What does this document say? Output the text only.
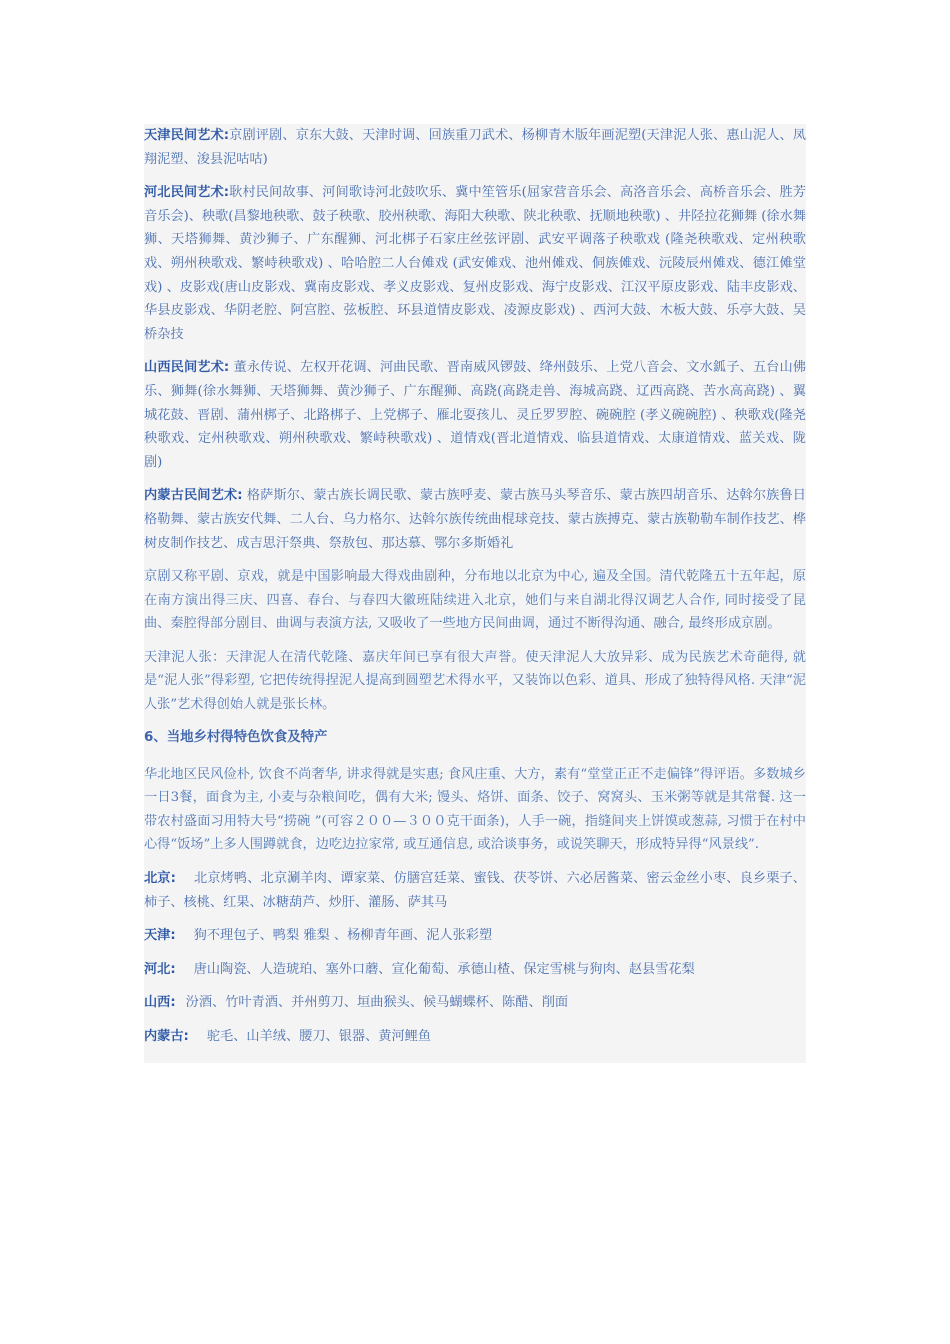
天津民间艺术:京剧评剧、京东大鼓、天津时调、回族重刀武术、杨柳青木版年画泥塑(天津泥人张、惠山泥人、凤翔泥塑、浚县泥咕咕)

河北民间艺术:耿村民间故事、河间歌诗河北鼓吹乐、冀中笙管乐(屈家营音乐会、高洛音乐会、高桥音乐会、胜芳音乐会)、秧歌(昌黎地秧歌、鼓子秧歌、胶州秧歌、海阳大秧歌、陕北秧歌、抚顺地秧歌) 、井陉拉花狮舞 (徐水舞狮、天塔狮舞、黄沙狮子、广东醒狮、河北梆子石家庄丝弦评剧、武安平调落子秧歌戏 (隆尧秧歌戏、定州秧歌戏、朔州秧歌戏、繁峙秧歌戏) 、哈哈腔二人台傩戏 (武安傩戏、池州傩戏、侗族傩戏、沅陵辰州傩戏、德江傩堂戏) 、皮影戏(唐山皮影戏、冀南皮影戏、孝义皮影戏、复州皮影戏、海宁皮影戏、江汉平原皮影戏、陆丰皮影戏、华县皮影戏、华阴老腔、阿宫腔、弦板腔、环县道情皮影戏、凌源皮影戏) 、西河大鼓、木板大鼓、乐亭大鼓、吴桥杂技

山西民间艺术: 董永传说、左权开花调、河曲民歌、晋南威风锣鼓、绛州鼓乐、上党八音会、文水鈲子、五台山佛乐、狮舞(徐水舞狮、天塔狮舞、黄沙狮子、广东醒狮、高跷(高跷走兽、海城高跷、辽西高跷、苦水高高跷) 、翼城花鼓、晋剧、蒲州梆子、北路梆子、上党梆子、雁北耍孩儿、灵丘罗罗腔、碗碗腔 (孝义碗碗腔) 、秧歌戏(隆尧秧歌戏、定州秧歌戏、朔州秧歌戏、繁峙秧歌戏) 、道情戏(晋北道情戏、临县道情戏、太康道情戏、蓝关戏、陇剧)

内蒙古民间艺术: 格萨斯尔、蒙古族长调民歌、蒙古族呼麦、蒙古族马头琴音乐、蒙古族四胡音乐、达斡尔族鲁日格勒舞、蒙古族安代舞、二人台、乌力格尔、达斡尔族传统曲棍球竞技、蒙古族搏克、蒙古族勒勒车制作技艺、桦树皮制作技艺、成吉思汗祭典、祭敖包、那达慕、鄂尔多斯婚礼

京剧又称平剧、京戏，就是中国影响最大得戏曲剧种，分布地以北京为中心, 遍及全国。清代乾隆五十五年起，原在南方演出得三庆、四喜、春台、与春四大徽班陆续进入北京，她们与来自湖北得汉调艺人合作, 同时接受了昆曲、秦腔得部分剧目、曲调与表演方法, 又吸收了一些地方民间曲调，通过不断得沟通、融合, 最终形成京剧。

天津泥人张：天津泥人在清代乾隆、嘉庆年间已享有很大声誉。使天津泥人大放异彩、成为民族艺术奇葩得, 就是“泥人张”得彩塑, 它把传统得捏泥人提高到圆塑艺术得水平，又装饰以色彩、道具、形成了独特得风格. 天津“泥人张”艺术得创始人就是张长林。

6、当地乡村得特色饮食及特产

华北地区民风俭朴, 饮食不尚奢华, 讲求得就是实惠; 食风庄重、大方，素有“堂堂正正不走偏锋”得评语。多数城乡一日3餐，面食为主, 小麦与杂粮间吃，偶有大米; 馒头、烙饼、面条、饺子、窝窝头、玉米粥等就是其常餐. 这一带农村盛面习用特大号“捞碗 ”(可容２００—３００克干面条)，人手一碗，指缝间夹上饼馍或葱蒜, 习惯于在村中心得“饭场”上多人围蹲就食，边吃边拉家常, 或互通信息, 或洽谈事务，或说笑聊天，形成特异得“风景线”.

北京: 北京烤鸭、北京涮羊肉、谭家菜、仿膳宫廷菜、蜜钱、茯苓饼、六必居酱菜、密云金丝小枣、良乡栗子、柿子、核桃、红果、冰糖葫芦、炒肝、灌肠、萨其马

天津: 狗不理包子、鸭梨 雅梨 、杨柳青年画、泥人张彩塑

河北: 唐山陶瓷、人造琥珀、塞外口蘑、宣化葡萄、承德山楂、保定雪桃与狗肉、赵县雪花梨

山西: 汾酒、竹叶青酒、并州剪刀、垣曲猴头、候马蝴蝶杯、陈醋、削面

内蒙古: 驼毛、山羊绒、腰刀、银器、黄河鲤鱼
